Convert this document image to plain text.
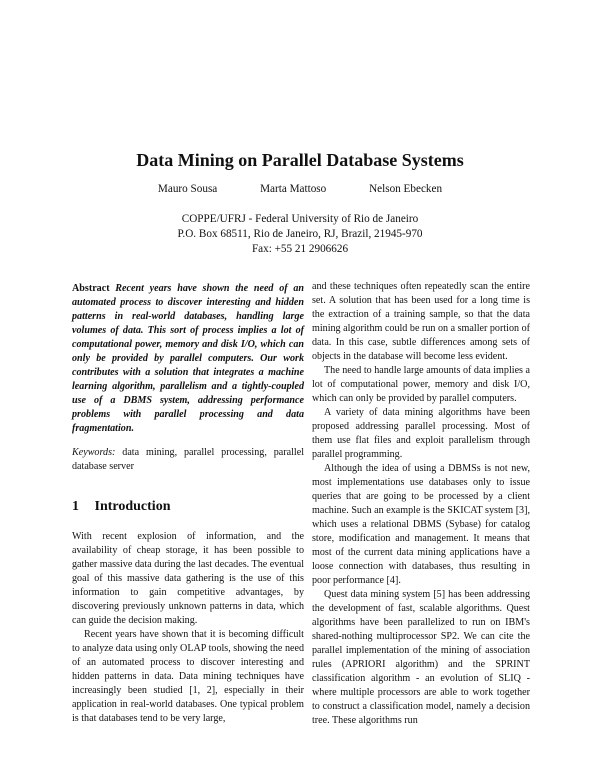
Data Mining on Parallel Database Systems
Mauro Sousa	Marta Mattoso	Nelson Ebecken
COPPE/UFRJ - Federal University of Rio de Janeiro
P.O. Box 68511, Rio de Janeiro, RJ, Brazil, 21945-970
Fax: +55 21 2906626

Abstract Recent years have shown the need of an automated process to discover interesting and hidden patterns in real-world databases, handling large volumes of data. This sort of process implies a lot of computational power, memory and disk I/O, which can only be provided by parallel computers. Our work contributes with a solution that integrates a machine learning algorithm, parallelism and a tightly-coupled use of a DBMS system, addressing performance problems with parallel processing and data fragmentation.

Keywords: data mining, parallel processing, parallel database server

1 Introduction

With recent explosion of information, and the availability of cheap storage, it has been possible to gather massive data during the last decades. The eventual goal of this massive data gathering is the use of this information to gain competitive advantages, by discovering previously unknown patterns in data, which can guide the decision making.

Recent years have shown that it is becoming difficult to analyze data using only OLAP tools, showing the need of an automated process to discover interesting and hidden patterns in data. Data mining techniques have increasingly been studied [1, 2], especially in their application in real-world databases. One typical problem is that databases tend to be very large,

and these techniques often repeatedly scan the entire set. A solution that has been used for a long time is the extraction of a training sample, so that the data mining algorithm could be run on a smaller portion of data. In this case, subtle differences among sets of objects in the database will become less evident.

The need to handle large amounts of data implies a lot of computational power, memory and disk I/O, which can only be provided by parallel computers.

A variety of data mining algorithms have been proposed addressing parallel processing. Most of them use flat files and exploit parallelism through parallel programming.

Although the idea of using a DBMSs is not new, most implementations use databases only to issue queries that are going to be processed by a client machine. Such an example is the SKICAT system [3], which uses a relational DBMS (Sybase) for catalog store, modification and management. It means that most of the current data mining applications have a loose connection with databases, thus resulting in poor performance [4].

Quest data mining system [5] has been addressing the development of fast, scalable algorithms. Quest algorithms have been parallelized to run on IBM's shared-nothing multiprocessor SP2. We can cite the parallel implementation of the mining of association rules (APRIORI algorithm) and the SPRINT classification algorithm - an evolution of SLIQ - where multiple processors are able to work together to construct a classification model, namely a decision tree. These algorithms run
